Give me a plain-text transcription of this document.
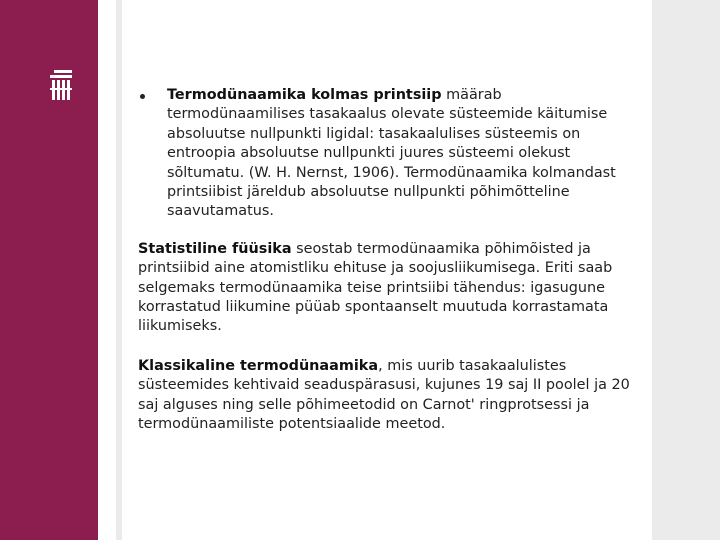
Termodünaamika kolmas printsiip määrab termodünaamilises tasakaalus olevate süsteemide käitumise absoluutse nullpunkti ligidal: tasakaalulises süsteemis on entroopia absoluutse nullpunkti juures süsteemi olekust sõltumatu. (W. H. Nernst, 1906). Termodünaamika kolmandast printsiibist järeldub absoluutse nullpunkti põhimõtteline saavutamatus.
Statistiline füüsika seostab termodünaamika põhimõisted ja printsiibid aine atomistliku ehituse ja soojusliikumisega. Eriti saab selgemaks termodünaamika teise printsiibi tähendus: igasugune korrastatud liikumine püüab spontaanselt muutuda korrastamata liikumiseks.
Klassikaline termodünaamika, mis uurib tasakaalulistes süsteemides kehtivaid seaduspärasusi, kujunes 19 saj II poolel ja 20 saj alguses ning selle põhimeetodid on Carnot' ringprotsessi ja termodünaamiliste potentsiaalide meetod.
